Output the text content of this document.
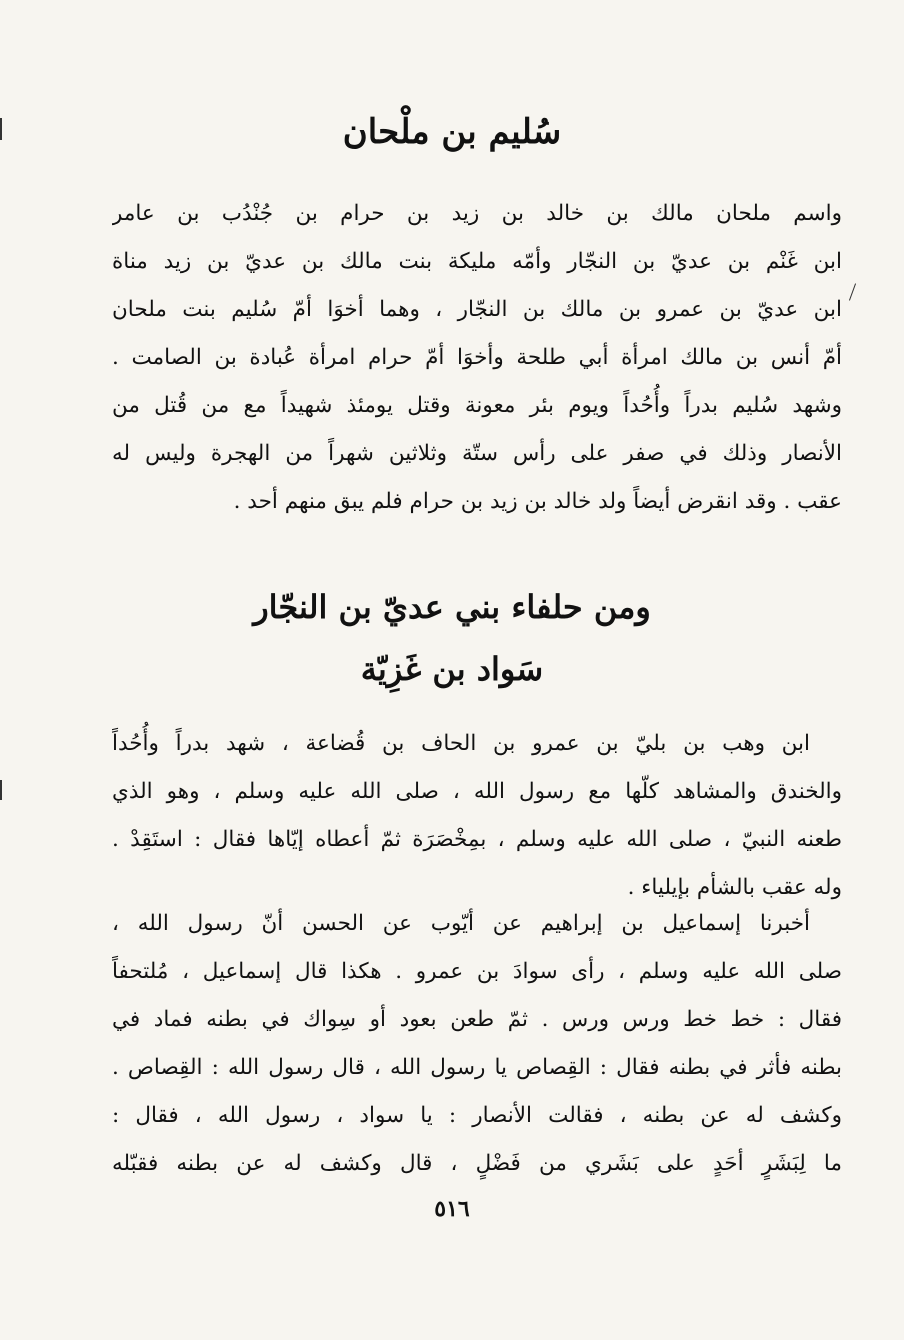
سُليم بن ملْحان
واسم ملحان مالك بن خالد بن زيد بن حرام بن جُنْدُب بن عامر
ابن غَنْم بن عديّ بن النجّار وأمّه مليكة بنت مالك بن عديّ بن زيد مناة
ابن عديّ بن عمرو بن مالك بن النجّار ، وهما أخوَا أمّ سُليم بنت ملحان
أمّ أنس بن مالك امرأة أبي طلحة وأخوَا أمّ حرام امرأة عُبادة بن الصامت .
وشهد سُليم بدراً وأُحُداً ويوم بئر معونة وقتل يومئذ شهيداً مع من قُتل من
الأنصار وذلك في صفر على رأس ستّة وثلاثين شهراً من الهجرة وليس له
عقب . وقد انقرض أيضاً ولد خالد بن زيد بن حرام فلم يبق منهم أحد .
ومن حلفاء بني عديّ بن النجّار
سَواد بن غَزِيّة
ابن وهب بن بليّ بن عمرو بن الحاف بن قُضاعة ، شهد بدراً وأُحُداً
والخندق والمشاهد كلّها مع رسول الله ، صلى الله عليه وسلم ، وهو الذي
طعنه النبيّ ، صلى الله عليه وسلم ، بمِخْصَرَة ثمّ أعطاه إيّاها فقال : استَقِدْ .
وله عقب بالشأم بإيلياء .
أخبرنا إسماعيل بن إبراهيم عن أيّوب عن الحسن أنّ رسول الله ،
صلى الله عليه وسلم ، رأى سوادَ بن عمرو . هكذا قال إسماعيل ، مُلتحفاً
فقال : خط خط ورس ورس . ثمّ طعن بعود أو سِواك في بطنه فماد في
بطنه فأثر في بطنه فقال : القِصاص يا رسول الله ، قال رسول الله : القِصاص .
وكشف له عن بطنه ، فقالت الأنصار : يا سواد ، رسول الله ، فقال :
ما لِبَشَرٍ أحَدٍ على بَشَري من فَضْلٍ ، قال وكشف له عن بطنه فقبّله
٥١٦
